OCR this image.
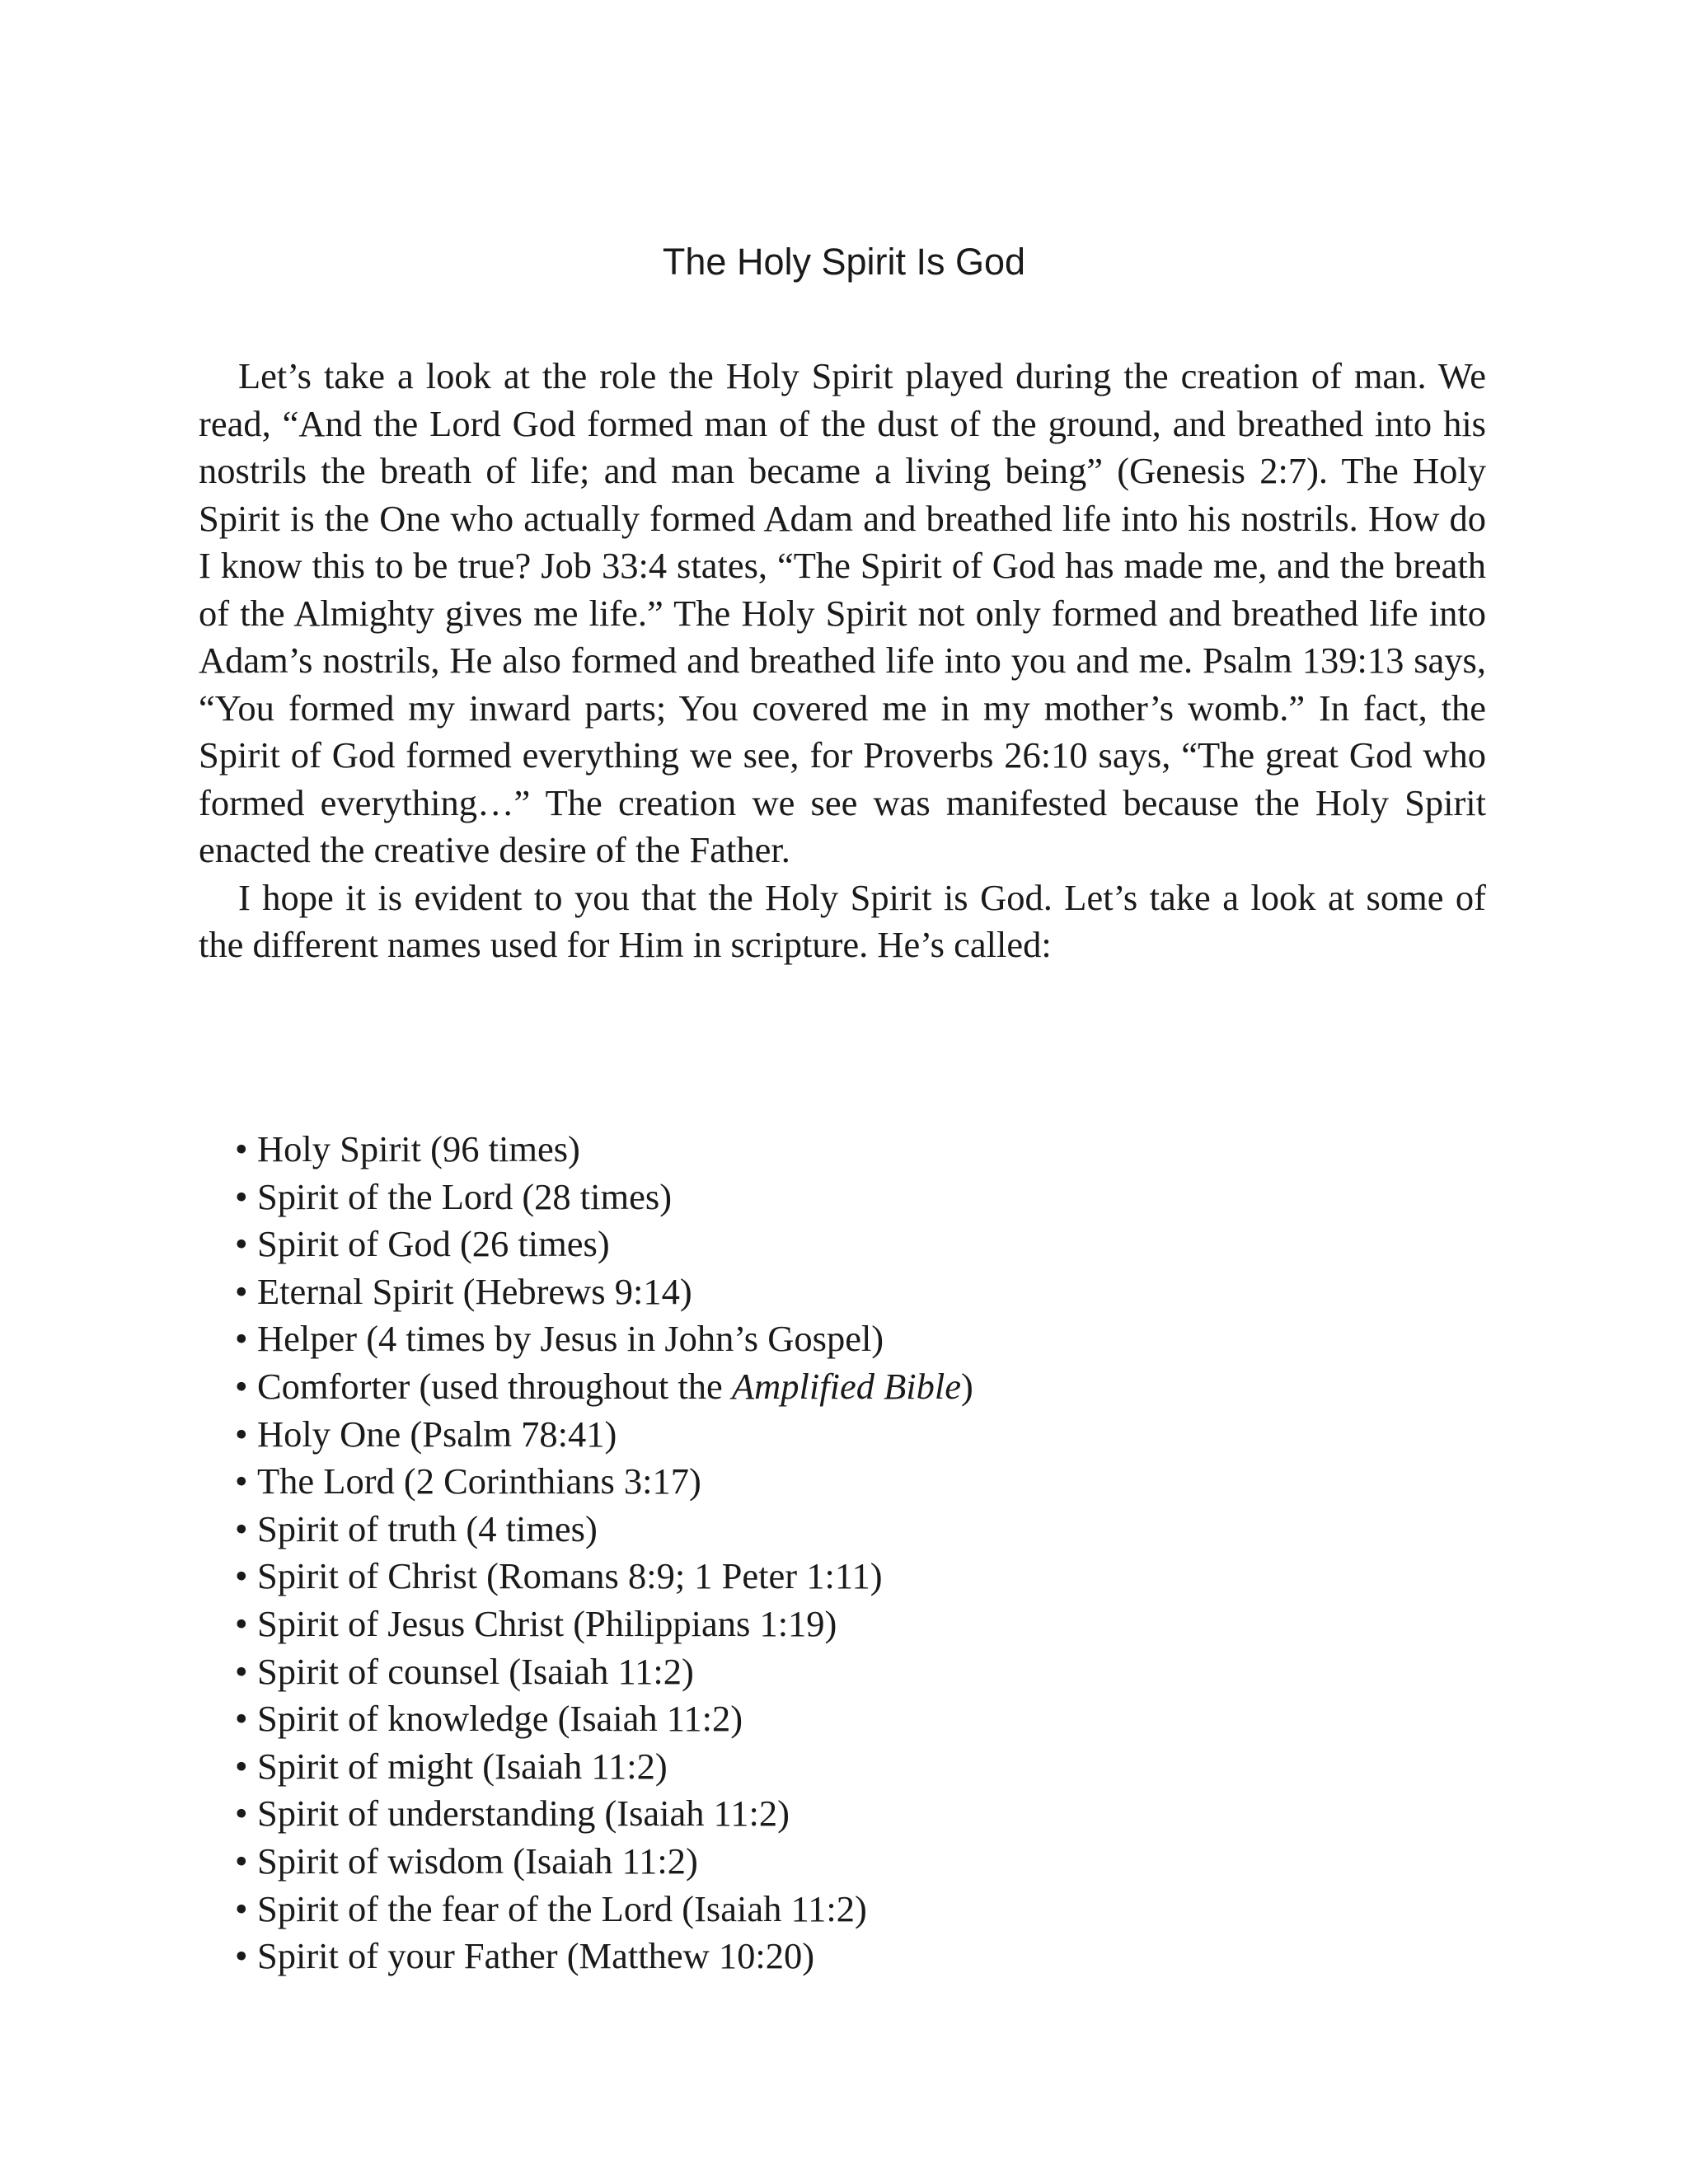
The Holy Spirit Is God

Let’s take a look at the role the Holy Spirit played during the creation of man. We read, “And the Lord God formed man of the dust of the ground, and breathed into his nostrils the breath of life; and man became a living being” (Genesis 2:7). The Holy Spirit is the One who actually formed Adam and breathed life into his nostrils. How do I know this to be true? Job 33:4 states, “The Spirit of God has made me, and the breath of the Almighty gives me life.” The Holy Spirit not only formed and breathed life into Adam’s nostrils, He also formed and breathed life into you and me. Psalm 139:13 says, “You formed my inward parts; You covered me in my mother’s womb.” In fact, the Spirit of God formed everything we see, for Proverbs 26:10 says, “The great God who formed everything…” The creation we see was manifested because the Holy Spirit enacted the creative desire of the Father.

I hope it is evident to you that the Holy Spirit is God. Let’s take a look at some of the different names used for Him in scripture. He’s called:

• Holy Spirit (96 times)
• Spirit of the Lord (28 times)
• Spirit of God (26 times)
• Eternal Spirit (Hebrews 9:14)
• Helper (4 times by Jesus in John’s Gospel)
• Comforter (used throughout the Amplified Bible)
• Holy One (Psalm 78:41)
• The Lord (2 Corinthians 3:17)
• Spirit of truth (4 times)
• Spirit of Christ (Romans 8:9; 1 Peter 1:11)
• Spirit of Jesus Christ (Philippians 1:19)
• Spirit of counsel (Isaiah 11:2)
• Spirit of knowledge (Isaiah 11:2)
• Spirit of might (Isaiah 11:2)
• Spirit of understanding (Isaiah 11:2)
• Spirit of wisdom (Isaiah 11:2)
• Spirit of the fear of the Lord (Isaiah 11:2)
• Spirit of your Father (Matthew 10:20)
